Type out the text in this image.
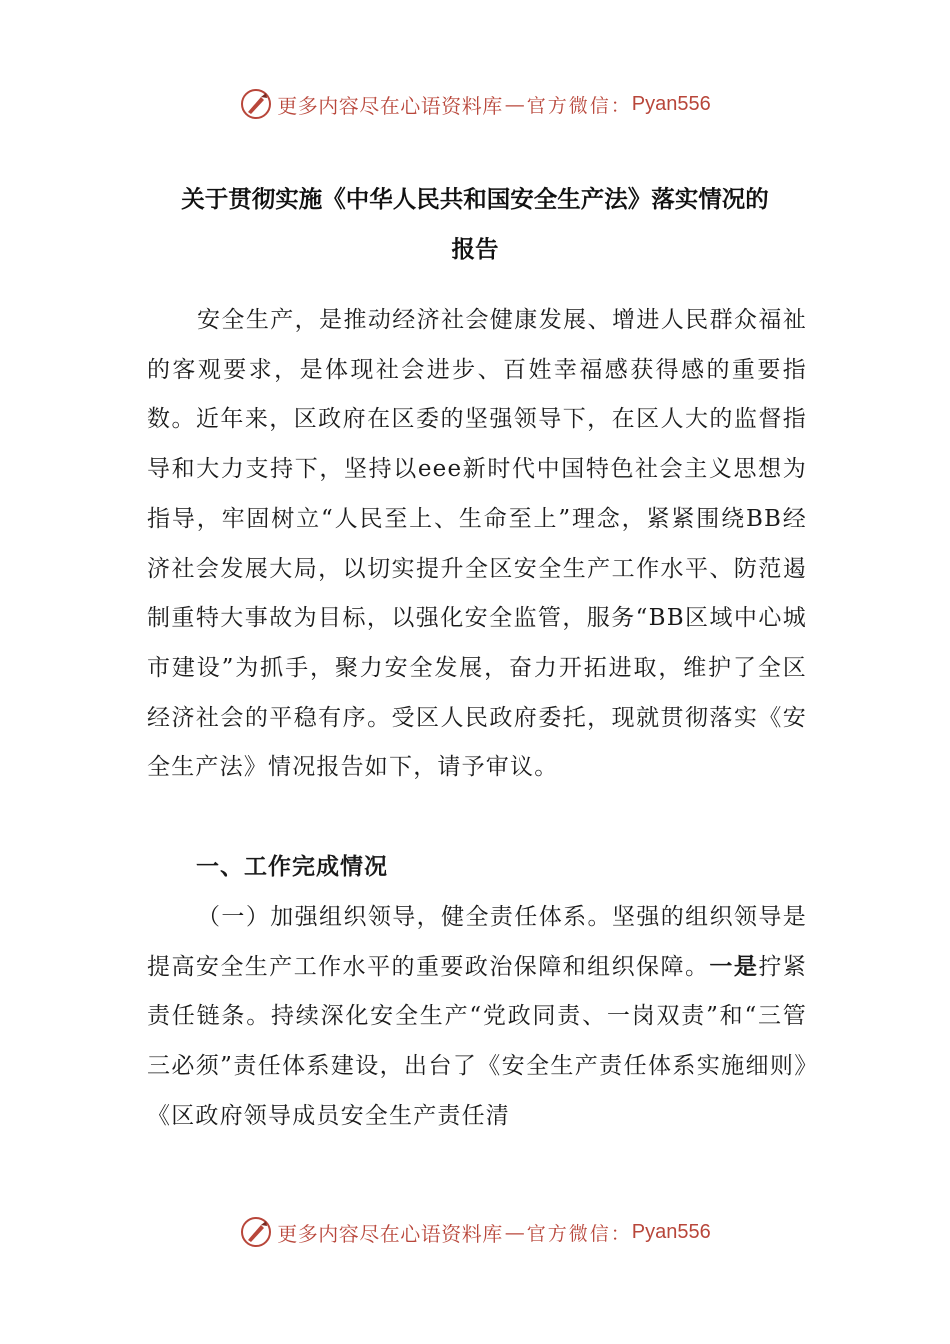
更多内容尽在心语资料库 — 官方微信： Pyan556
关于贯彻实施《中华人民共和国安全生产法》落实情况的
报告
安全生产，是推动经济社会健康发展、增进人民群众福祉的客观要求，是体现社会进步、百姓幸福感获得感的重要指数。近年来，区政府在区委的坚强领导下，在区人大的监督指导和大力支持下，坚持以eee新时代中国特色社会主义思想为指导，牢固树立“人民至上、生命至上”理念，紧紧围绕BB经济社会发展大局，以切实提升全区安全生产工作水平、防范遏制重特大事故为目标，以强化安全监管，服务“BB区域中心城市建设”为抓手，聚力安全发展，奋力开拓进取，维护了全区经济社会的平稳有序。受区人民政府委托，现就贯彻落实《安全生产法》情况报告如下，请予审议。
一、工作完成情况
（一）加强组织领导，健全责任体系。坚强的组织领导是提高安全生产工作水平的重要政治保障和组织保障。一是拧紧责任链条。持续深化安全生产“党政同责、一岗双责”和“三管三必须”责任体系建设，出台了《安全生产责任体系实施细则》《区政府领导成员安全生产责任清
更多内容尽在心语资料库 — 官方微信： Pyan556
